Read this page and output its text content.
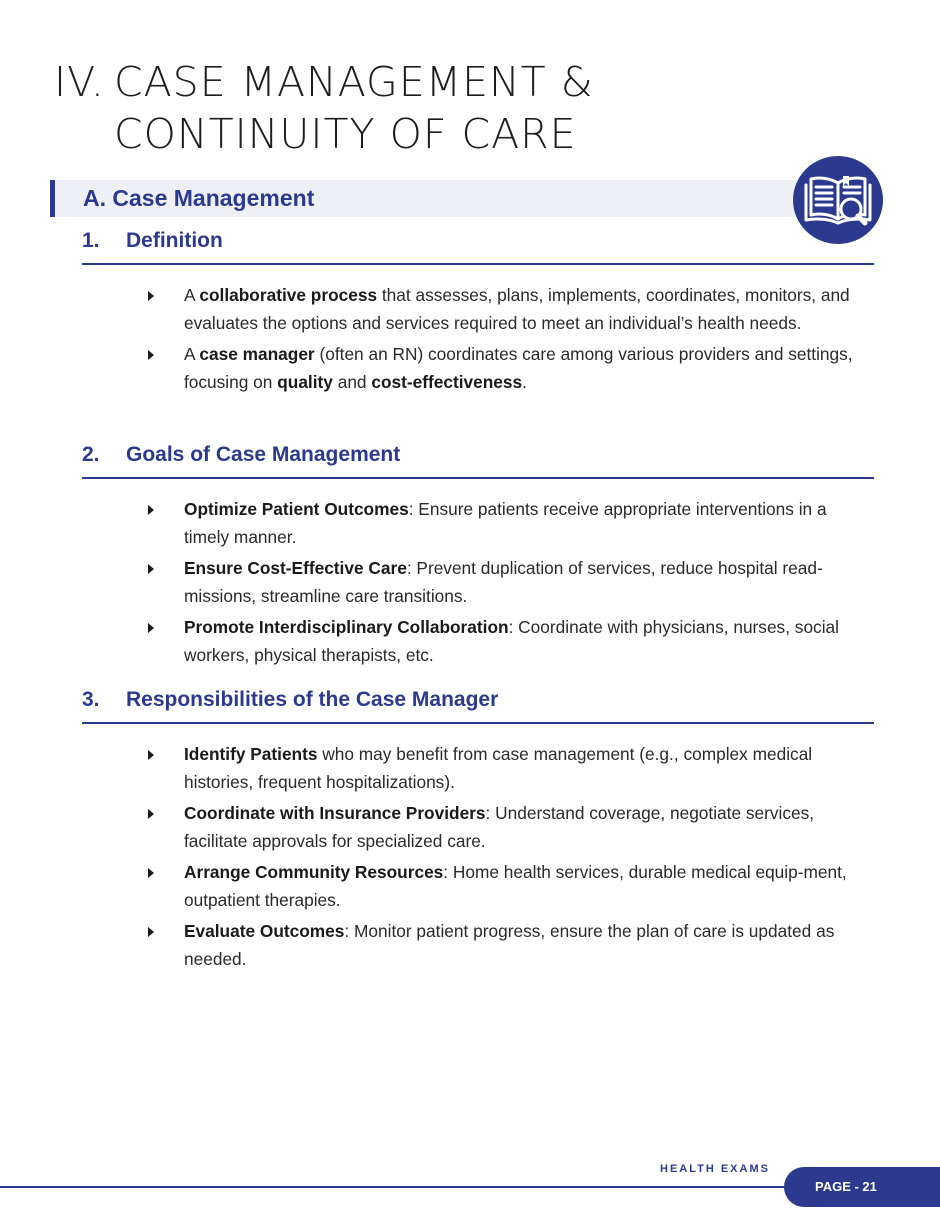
IV. CASE MANAGEMENT &
CONTINUITY OF CARE
A. Case Management
1. Definition
A collaborative process that assesses, plans, implements, coordinates, monitors, and evaluates the options and services required to meet an individual’s health needs.
A case manager (often an RN) coordinates care among various providers and settings, focusing on quality and cost-effectiveness.
2. Goals of Case Management
Optimize Patient Outcomes: Ensure patients receive appropriate interventions in a timely manner.
Ensure Cost-Effective Care: Prevent duplication of services, reduce hospital read-missions, streamline care transitions.
Promote Interdisciplinary Collaboration: Coordinate with physicians, nurses, social workers, physical therapists, etc.
3. Responsibilities of the Case Manager
Identify Patients who may benefit from case management (e.g., complex medical histories, frequent hospitalizations).
Coordinate with Insurance Providers: Understand coverage, negotiate services, facilitate approvals for specialized care.
Arrange Community Resources: Home health services, durable medical equip-ment, outpatient therapies.
Evaluate Outcomes: Monitor patient progress, ensure the plan of care is updated as needed.
HEALTH EXAMS
PAGE - 21
